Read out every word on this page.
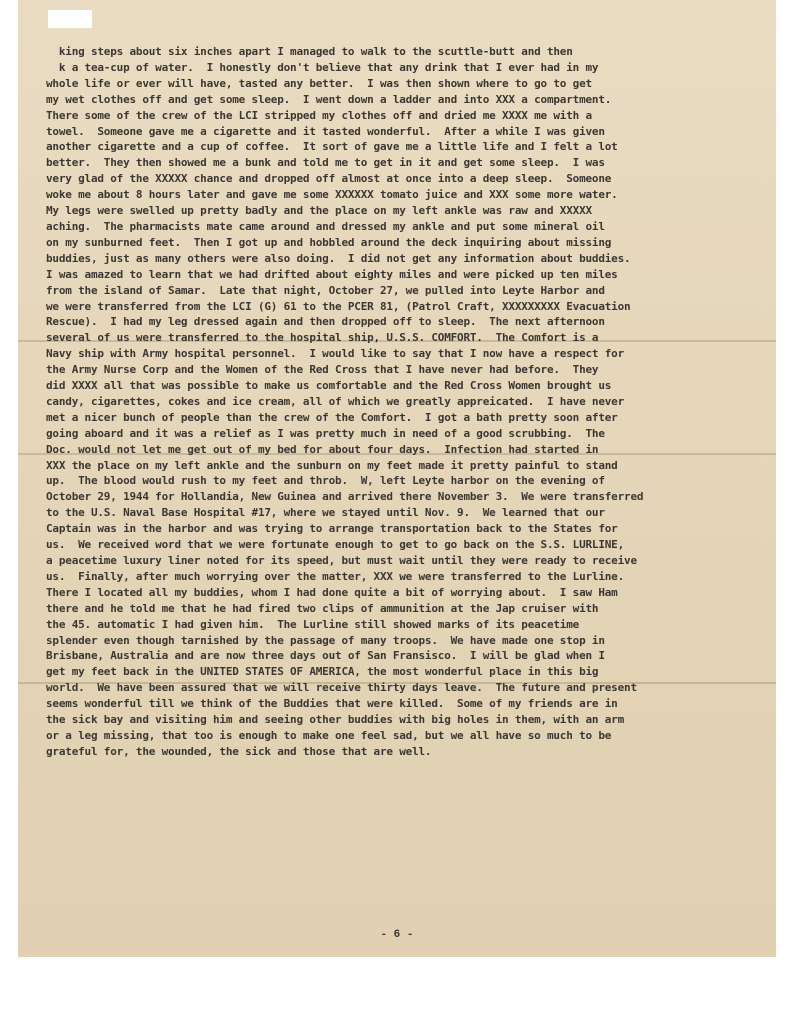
king steps about six inches apart I managed to walk to the scuttle-butt and then
k a tea-cup of water.  I honestly don't believe that any drink that I ever had in my
whole life or ever will have, tasted any better.  I was then shown where to go to get
my wet clothes off and get some sleep.  I went down a ladder and into XXX a compartment.
There some of the crew of the LCI stripped my clothes off and dried me XXXX me with a
towel.  Someone gave me a cigarette and it tasted wonderful.  After a while I was given
another cigarette and a cup of coffee.  It sort of gave me a little life and I felt a lot
better.  They then showed me a bunk and told me to get in it and get some sleep.  I was
very glad of the XXXXX chance and dropped off almost at once into a deep sleep.  Someone
woke me about 8 hours later and gave me some XXXXXX tomato juice and XXX some more water.
My legs were swelled up pretty badly and the place on my left ankle was raw and XXXXX
aching.  The pharmacists mate came around and dressed my ankle and put some mineral oil
on my sunburned feet.  Then I got up and hobbled around the deck inquiring about missing
buddies, just as many others were also doing.  I did not get any information about buddies.
I was amazed to learn that we had drifted about eighty miles and were picked up ten miles
from the island of Samar.  Late that night, October 27, we pulled into Leyte Harbor and
we were transferred from the LCI (G) 61 to the PCER 81, (Patrol Craft, XXXXXXXXX Evacuation
Rescue).  I had my leg dressed again and then dropped off to sleep.  The next afternoon
several of us were transferred to the hospital ship, U.S.S. COMFORT.  The Comfort is a
Navy ship with Army hospital personnel.  I would like to say that I now have a respect for
the Army Nurse Corp and the Women of the Red Cross that I have never had before.  They
did XXXX all that was possible to make us comfortable and the Red Cross Women brought us
candy, cigarettes, cokes and ice cream, all of which we greatly appreicated.  I have never
met a nicer bunch of people than the crew of the Comfort.  I got a bath pretty soon after
going aboard and it was a relief as I was pretty much in need of a good scrubbing.  The
Doc. would not let me get out of my bed for about four days.  Infection had started in
XXX the place on my left ankle and the sunburn on my feet made it pretty painful to stand
up.  The blood would rush to my feet and throb.  W, left Leyte harbor on the evening of
October 29, 1944 for Hollandia, New Guinea and arrived there November 3.  We were transferred
to the U.S. Naval Base Hospital #17, where we stayed until Nov. 9.  We learned that our
Captain was in the harbor and was trying to arrange transportation back to the States for
us.  We received word that we were fortunate enough to get to go back on the S.S. LURLINE,
a peacetime luxury liner noted for its speed, but must wait until they were ready to receive
us.  Finally, after much worrying over the matter, XXX we were transferred to the Lurline.
There I located all my buddies, whom I had done quite a bit of worrying about.  I saw Ham
there and he told me that he had fired two clips of ammunition at the Jap cruiser with
the 45. automatic I had given him.  The Lurline still showed marks of its peacetime
splender even though tarnished by the passage of many troops.  We have made one stop in
Brisbane, Australia and are now three days out of San Fransisco.  I will be glad when I
get my feet back in the UNITED STATES OF AMERICA, the most wonderful place in this big
world.  We have been assured that we will receive thirty days leave.  The future and present
seems wonderful till we think of the Buddies that were killed.  Some of my friends are in
the sick bay and visiting him and seeing other buddies with big holes in them, with an arm
or a leg missing, that too is enough to make one feel sad, but we all have so much to be
grateful for, the wounded, the sick and those that are well.

- 6 -
